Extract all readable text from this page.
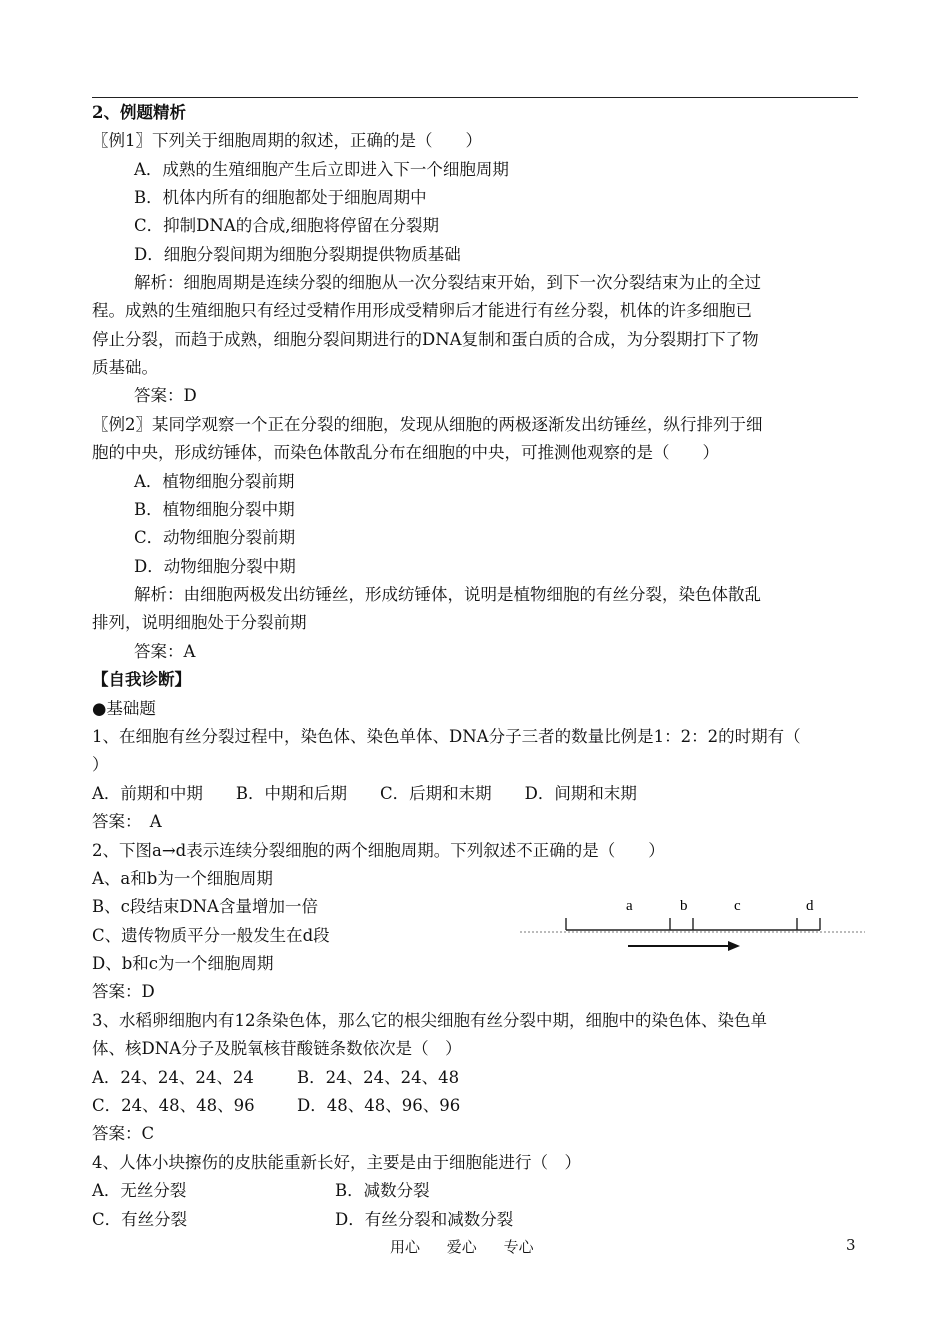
2、例题精析
〖例1〗下列关于细胞周期的叙述，正确的是（　　）
A．成熟的生殖细胞产生后立即进入下一个细胞周期
B．机体内所有的细胞都处于细胞周期中
C．抑制DNA的合成,细胞将停留在分裂期
D．细胞分裂间期为细胞分裂期提供物质基础
解析：细胞周期是连续分裂的细胞从一次分裂结束开始，到下一次分裂结束为止的全过
程。成熟的生殖细胞只有经过受精作用形成受精卵后才能进行有丝分裂，机体的许多细胞已
停止分裂，而趋于成熟，细胞分裂间期进行的DNA复制和蛋白质的合成，为分裂期打下了物
质基础。
答案：D
〖例2〗某同学观察一个正在分裂的细胞，发现从细胞的两极逐渐发出纺锤丝，纵行排列于细
胞的中央，形成纺锤体，而染色体散乱分布在细胞的中央，可推测他观察的是（　　）
A．植物细胞分裂前期
B．植物细胞分裂中期
C．动物细胞分裂前期
D．动物细胞分裂中期
解析：由细胞两极发出纺锤丝，形成纺锤体，说明是植物细胞的有丝分裂，染色体散乱
排列，说明细胞处于分裂前期
答案：A
【自我诊断】
●基础题
1、在细胞有丝分裂过程中，染色体、染色单体、DNA分子三者的数量比例是1：2：2的时期有（
）
A．前期和中期　　B．中期和后期　　C．后期和末期　　D．间期和末期
答案：　A
2、下图a→d表示连续分裂细胞的两个细胞周期。下列叙述不正确的是（　　）
A、a和b为一个细胞周期
B、c段结束DNA含量增加一倍
C、遗传物质平分一般发生在d段
D、b和c为一个细胞周期
答案：D
a	b	c	d
3、水稻卵细胞内有12条染色体，那么它的根尖细胞有丝分裂中期，细胞中的染色体、染色单
体、核DNA分子及脱氧核苷酸链条数依次是（　）
A．24、24、24、24	B．24、24、24、48
C．24、48、48、96	D．48、48、96、96
答案：C
4、人体小块擦伤的皮肤能重新长好，主要是由于细胞能进行（　）
A．无丝分裂	B．减数分裂
C．有丝分裂	D．有丝分裂和减数分裂
用心 爱心 专心	3
